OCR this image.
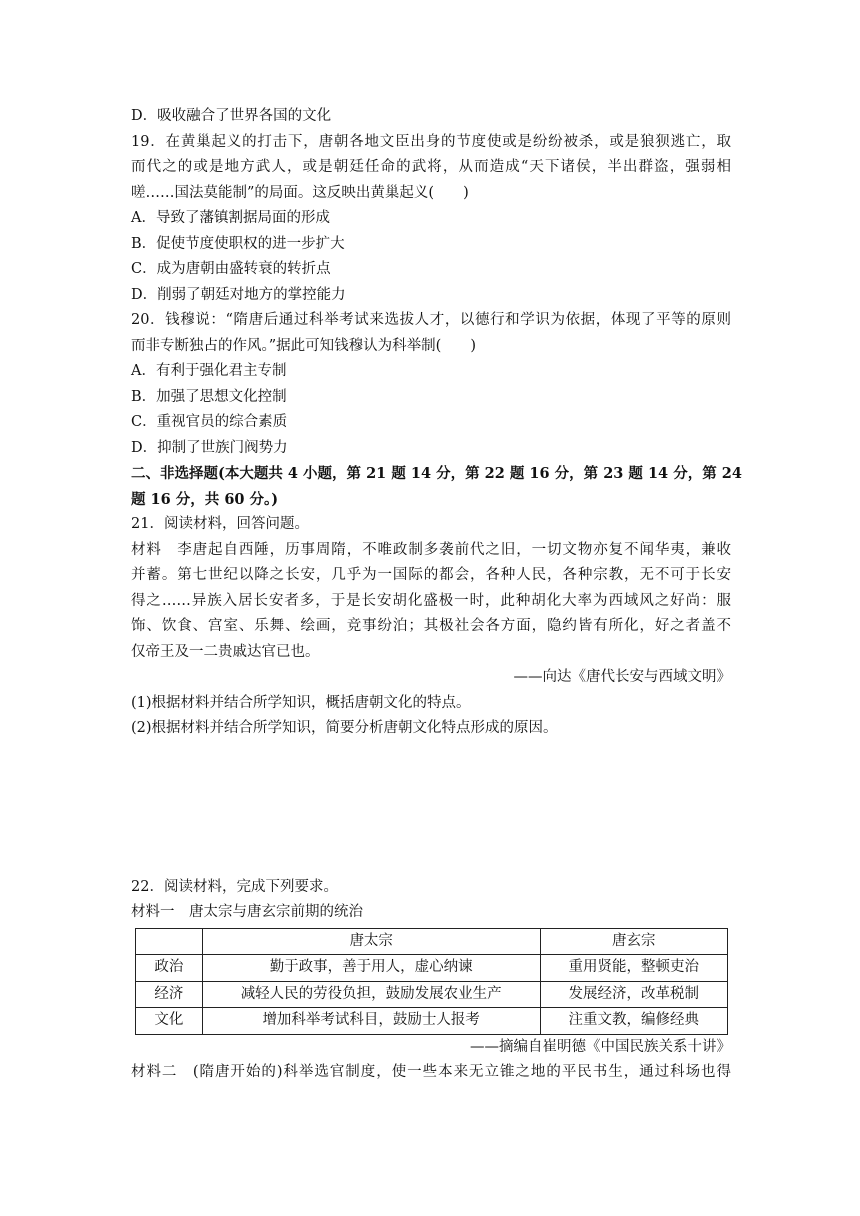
D．吸收融合了世界各国的文化
19．在黄巢起义的打击下，唐朝各地文臣出身的节度使或是纷纷被杀，或是狼狈逃亡，取
而代之的或是地方武人，或是朝廷任命的武将，从而造成“天下诸侯，半出群盗，强弱相
嗟……国法莫能制”的局面。这反映出黄巢起义(　　)
A．导致了藩镇割据局面的形成
B．促使节度使职权的进一步扩大
C．成为唐朝由盛转衰的转折点
D．削弱了朝廷对地方的掌控能力
20．钱穆说：“隋唐后通过科举考试来选拔人才，以德行和学识为依据，体现了平等的原则
而非专断独占的作风。”据此可知钱穆认为科举制(　　)
A．有利于强化君主专制
B．加强了思想文化控制
C．重视官员的综合素质
D．抑制了世族门阀势力
二、非选择题(本大题共 4 小题，第 21 题 14 分，第 22 题 16 分，第 23 题 14 分，第 24
题 16 分，共 60 分。)
21．阅读材料，回答问题。
材料　李唐起自西陲，历事周隋，不唯政制多袭前代之旧，一切文物亦复不闻华夷，兼收
并蓄。第七世纪以降之长安，几乎为一国际的都会，各种人民，各种宗教，无不可于长安
得之……异族入居长安者多，于是长安胡化盛极一时，此种胡化大率为西域风之好尚：服
饰、饮食、宫室、乐舞、绘画，竞事纷泊；其极社会各方面，隐约皆有所化，好之者盖不
仅帝王及一二贵戚达官已也。
——向达《唐代长安与西域文明》
(1)根据材料并结合所学知识，概括唐朝文化的特点。
(2)根据材料并结合所学知识，简要分析唐朝文化特点形成的原因。
22．阅读材料，完成下列要求。
材料一　唐太宗与唐玄宗前期的统治
	唐太宗	唐玄宗
政治	勤于政事，善于用人，虚心纳谏	重用贤能，整顿吏治
经济	减轻人民的劳役负担，鼓励发展农业生产	发展经济，改革税制
文化	增加科举考试科目，鼓励士人报考	注重文教，编修经典
——摘编自崔明德《中国民族关系十讲》
材料二　(隋唐开始的)科举选官制度，使一些本来无立锥之地的平民书生，通过科场也得
